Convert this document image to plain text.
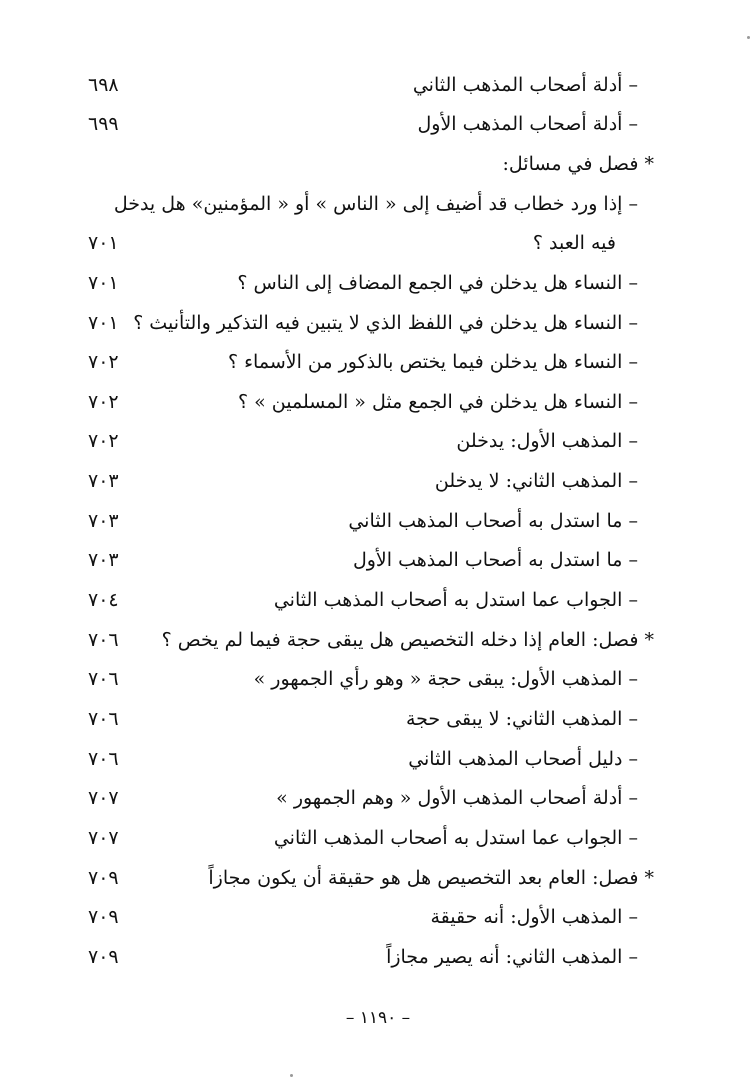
– أدلة أصحاب المذهب الثاني
٦٩٨
– أدلة أصحاب المذهب الأول
٦٩٩
* فصل في مسائل:
– إذا ورد خطاب قد أضيف إلى « الناس » أو « المؤمنين» هل يدخل
فيه العبد ؟
٧٠١
– النساء هل يدخلن في الجمع المضاف إلى الناس ؟
٧٠١
– النساء هل يدخلن في اللفظ الذي لا يتبين فيه التذكير والتأنيث ؟
٧٠١
– النساء هل يدخلن فيما يختص بالذكور من الأسماء ؟
٧٠٢
– النساء هل يدخلن في الجمع مثل « المسلمين » ؟
٧٠٢
– المذهب الأول: يدخلن
٧٠٢
– المذهب الثاني: لا يدخلن
٧٠٣
– ما استدل به أصحاب المذهب الثاني
٧٠٣
– ما استدل به أصحاب المذهب الأول
٧٠٣
– الجواب عما استدل به أصحاب المذهب الثاني
٧٠٤
* فصل: العام إذا دخله التخصيص هل يبقى حجة فيما لم يخص ؟
٧٠٦
– المذهب الأول: يبقى حجة « وهو رأي الجمهور »
٧٠٦
– المذهب الثاني: لا يبقى حجة
٧٠٦
– دليل أصحاب المذهب الثاني
٧٠٦
– أدلة أصحاب المذهب الأول « وهم الجمهور »
٧٠٧
– الجواب عما استدل به أصحاب المذهب الثاني
٧٠٧
* فصل: العام بعد التخصيص هل هو حقيقة أن يكون مجازاً
٧٠٩
– المذهب الأول: أنه حقيقة
٧٠٩
– المذهب الثاني: أنه يصير مجازاً
٧٠٩
– ١١٩٠ –
